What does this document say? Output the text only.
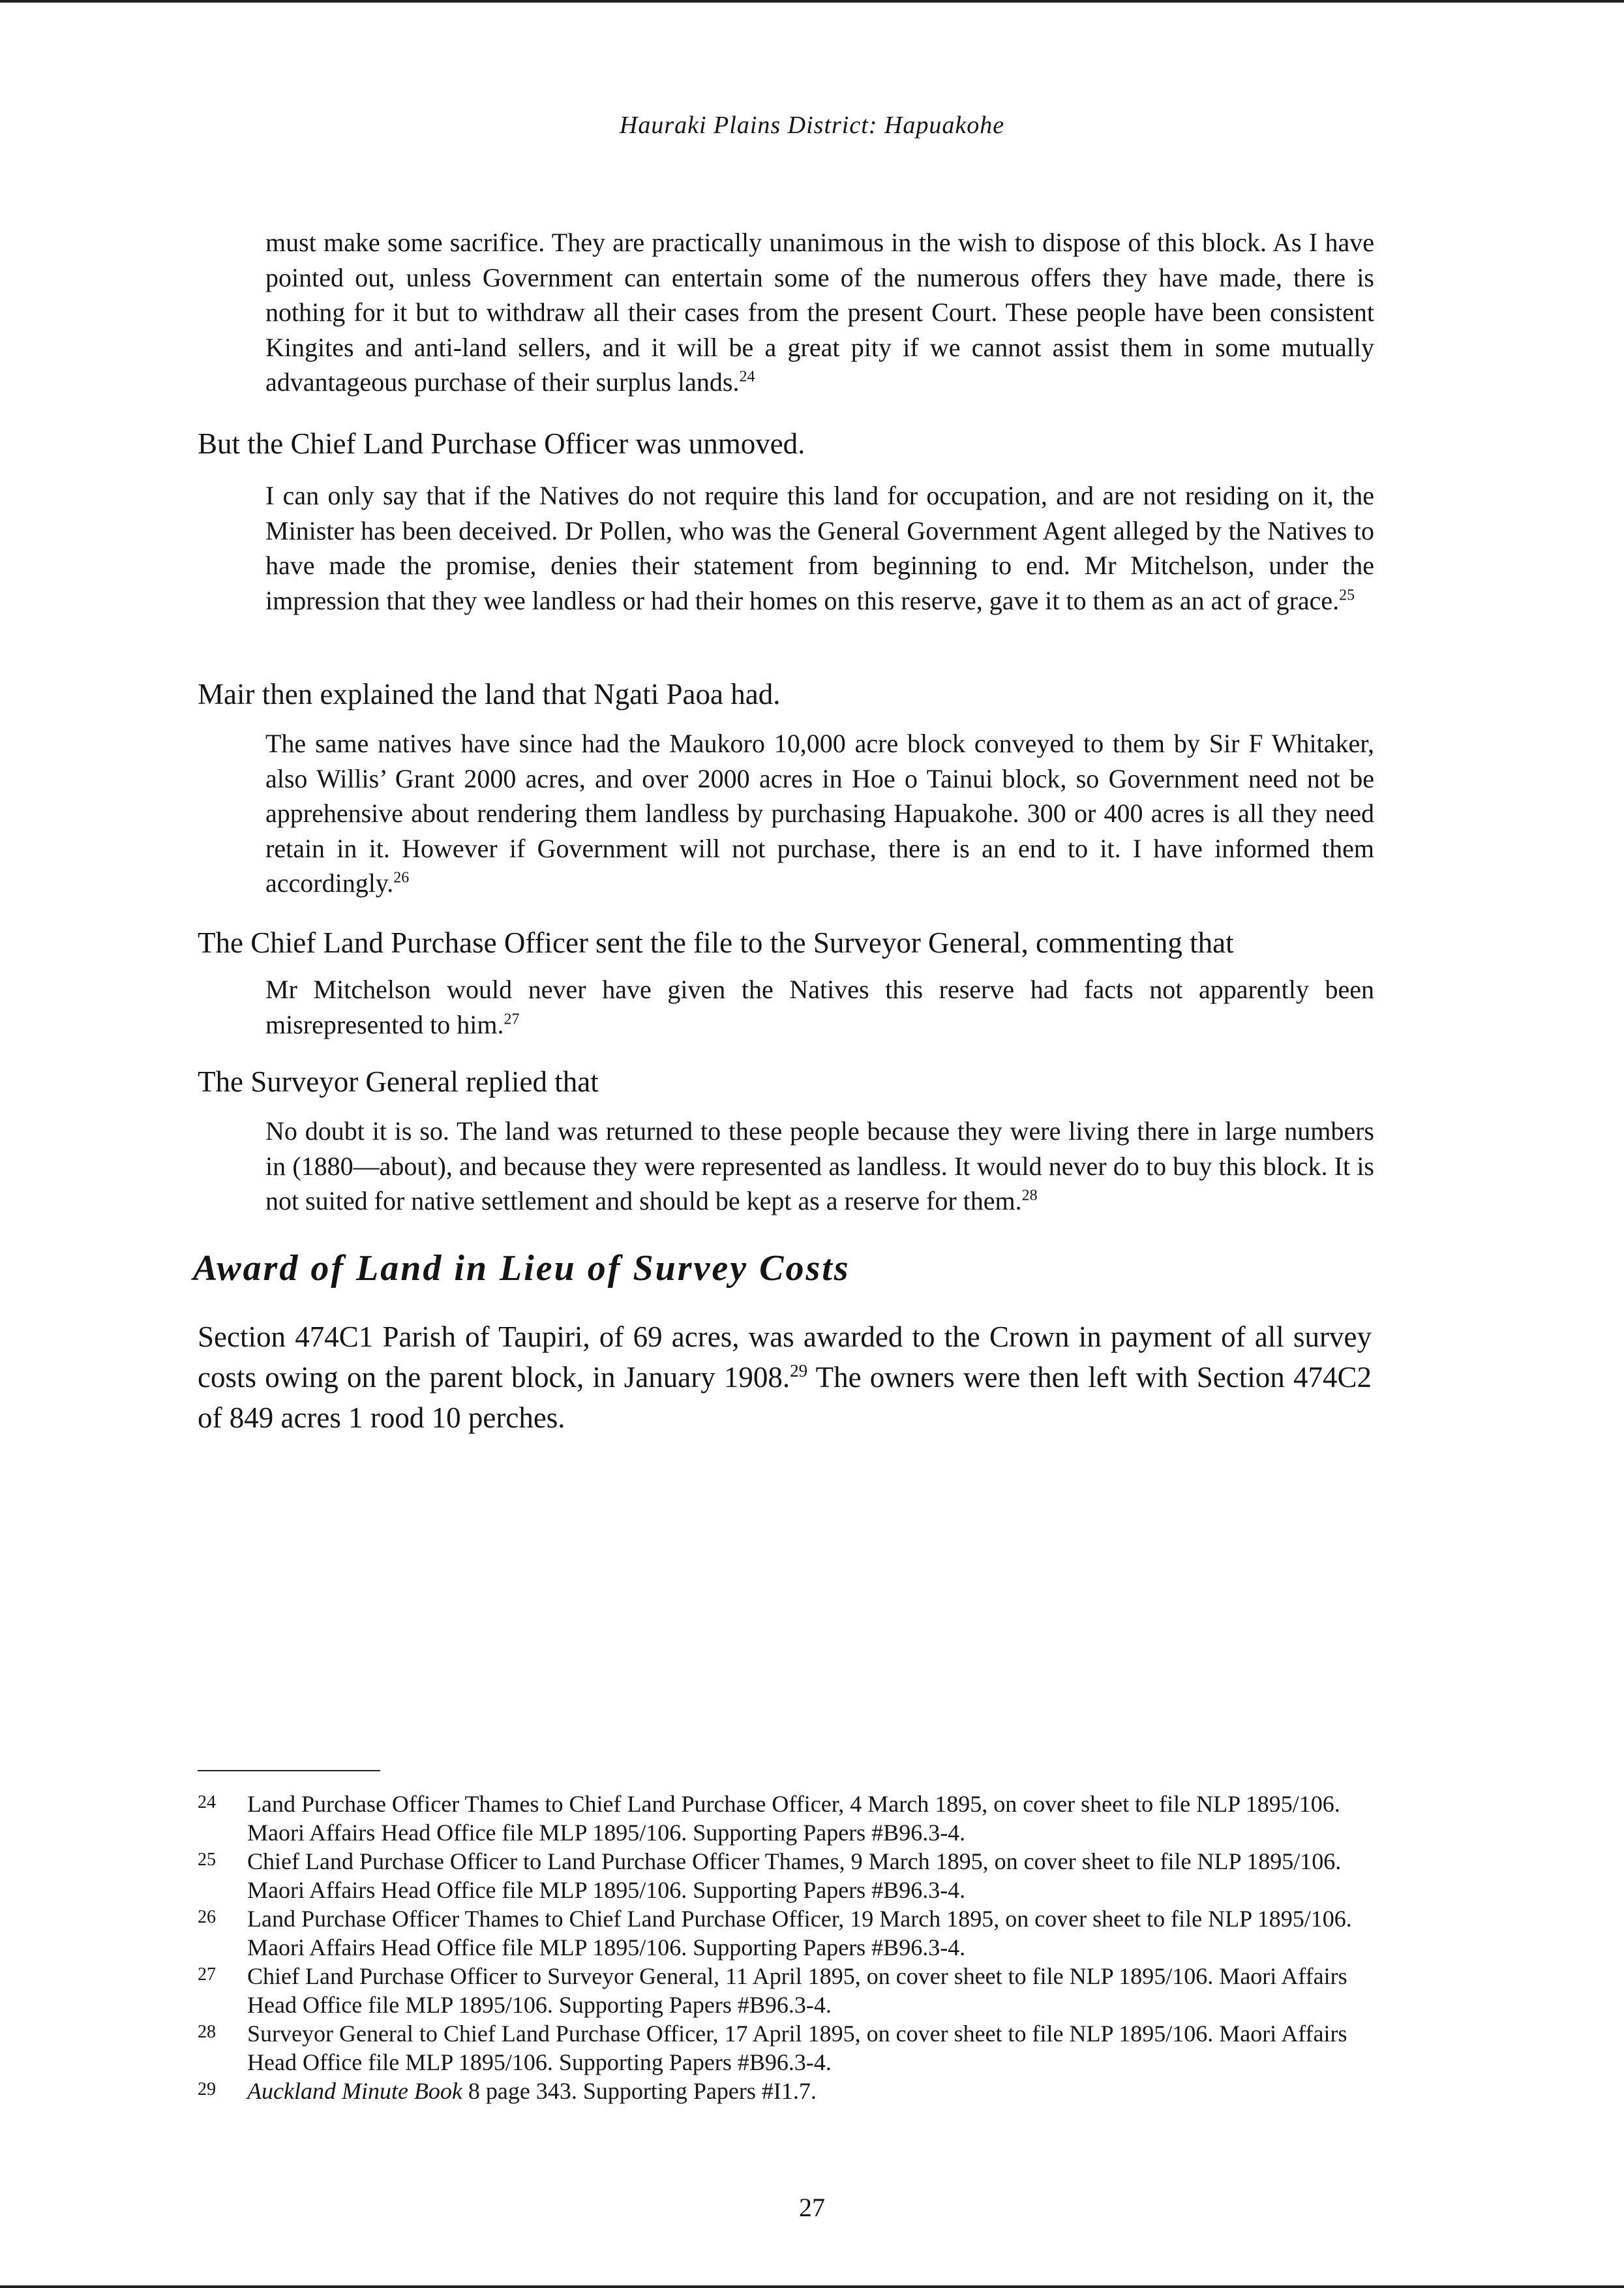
Hauraki Plains District: Hapuakohe

must make some sacrifice. They are practically unanimous in the wish to dispose of this block. As I have pointed out, unless Government can entertain some of the numerous offers they have made, there is nothing for it but to withdraw all their cases from the present Court. These people have been consistent Kingites and anti-land sellers, and it will be a great pity if we cannot assist them in some mutually advantageous purchase of their surplus lands.$^{24}$

But the Chief Land Purchase Officer was unmoved.

I can only say that if the Natives do not require this land for occupation, and are not residing on it, the Minister has been deceived. Dr Pollen, who was the General Government Agent alleged by the Natives to have made the promise, denies their statement from beginning to end. Mr Mitchelson, under the impression that they wee landless or had their homes on this reserve, gave it to them as an act of grace.$^{25}$

Mair then explained the land that Ngati Paoa had.

The same natives have since had the Maukoro 10,000 acre block conveyed to them by Sir F Whitaker, also Willis’ Grant 2000 acres, and over 2000 acres in Hoe o Tainui block, so Government need not be apprehensive about rendering them landless by purchasing Hapuakohe. 300 or 400 acres is all they need retain in it. However if Government will not purchase, there is an end to it. I have informed them accordingly.$^{26}$

The Chief Land Purchase Officer sent the file to the Surveyor General, commenting that

Mr Mitchelson would never have given the Natives this reserve had facts not apparently been misrepresented to him.$^{27}$

The Surveyor General replied that

No doubt it is so. The land was returned to these people because they were living there in large numbers in (1880—about), and because they were represented as landless. It would never do to buy this block. It is not suited for native settlement and should be kept as a reserve for them.$^{28}$

Award of Land in Lieu of Survey Costs

Section 474C1 Parish of Taupiri, of 69 acres, was awarded to the Crown in payment of all survey costs owing on the parent block, in January 1908.29 The owners were then left with Section 474C2 of 849 acres 1 rood 10 perches.

24	Land Purchase Officer Thames to Chief Land Purchase Officer, 4 March 1895, on cover sheet to file NLP 1895/106. Maori Affairs Head Office file MLP 1895/106. Supporting Papers #B96.3-4.
25	Chief Land Purchase Officer to Land Purchase Officer Thames, 9 March 1895, on cover sheet to file NLP 1895/106. Maori Affairs Head Office file MLP 1895/106. Supporting Papers #B96.3-4.
26	Land Purchase Officer Thames to Chief Land Purchase Officer, 19 March 1895, on cover sheet to file NLP 1895/106. Maori Affairs Head Office file MLP 1895/106. Supporting Papers #B96.3-4.
27	Chief Land Purchase Officer to Surveyor General, 11 April 1895, on cover sheet to file NLP 1895/106. Maori Affairs Head Office file MLP 1895/106. Supporting Papers #B96.3-4.
28	Surveyor General to Chief Land Purchase Officer, 17 April 1895, on cover sheet to file NLP 1895/106. Maori Affairs Head Office file MLP 1895/106. Supporting Papers #B96.3-4.
29	Auckland Minute Book 8 page 343. Supporting Papers #I1.7.
27
